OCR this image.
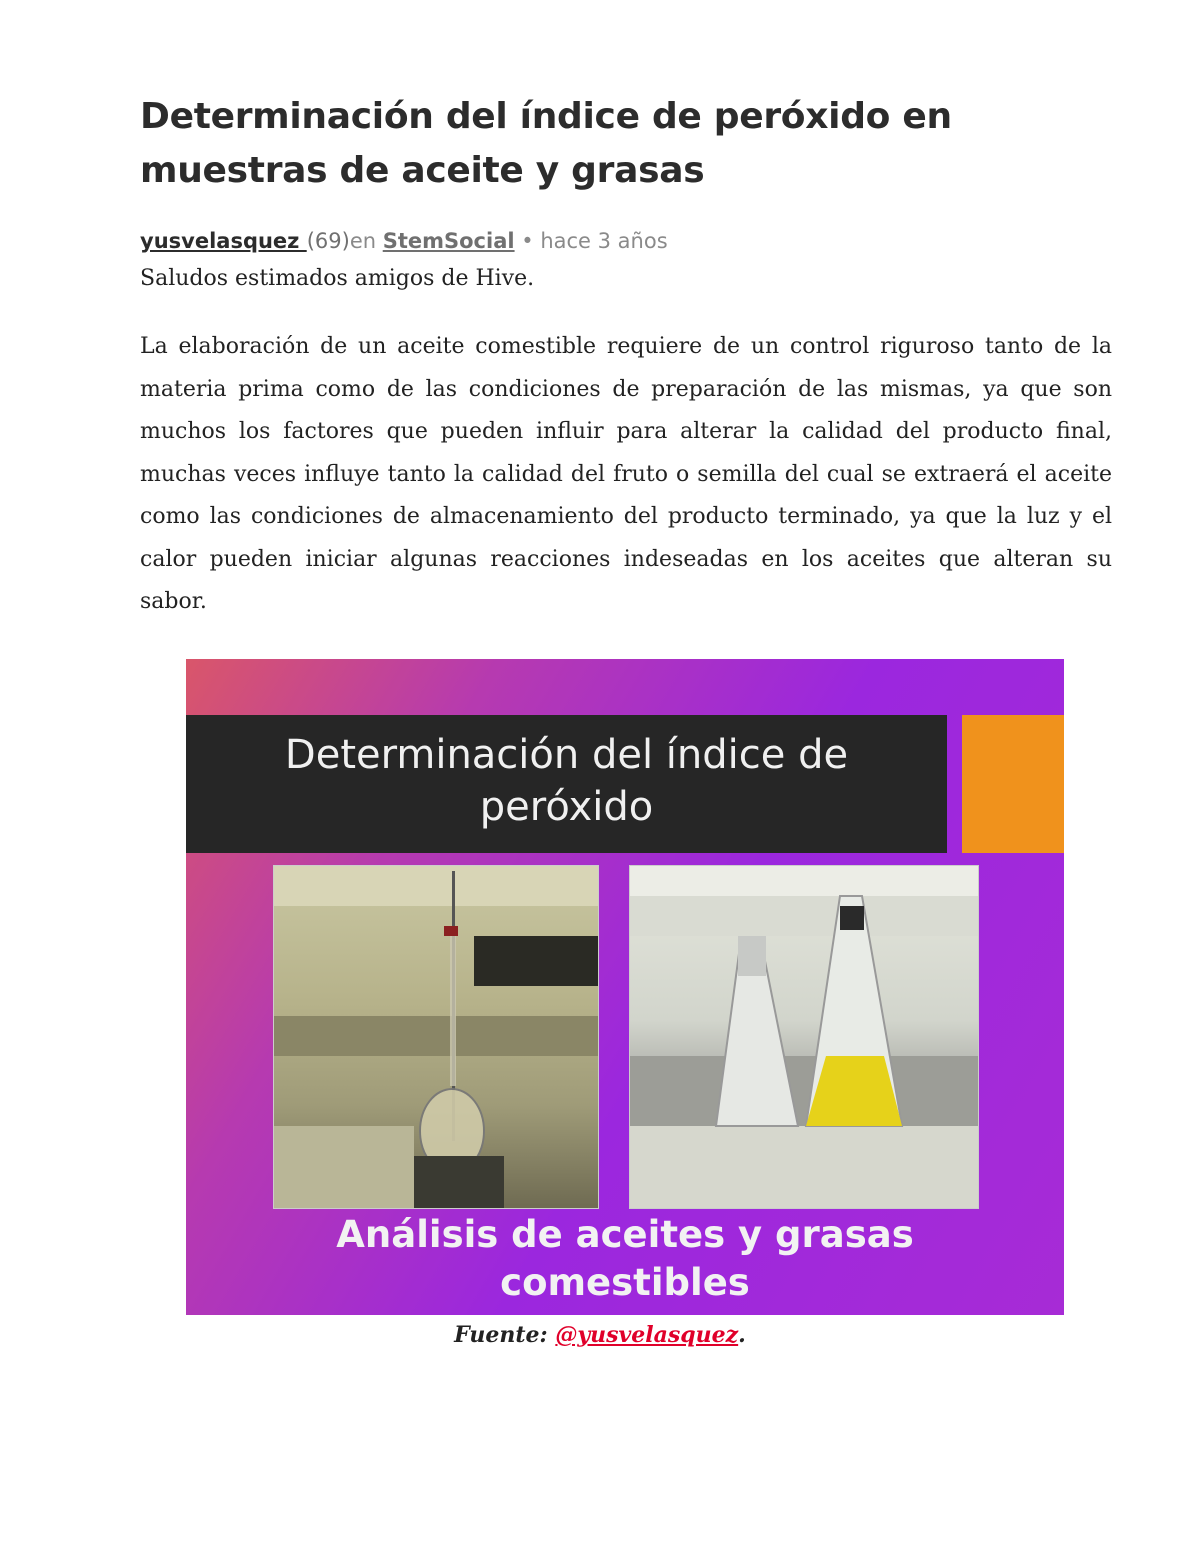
Determinación del índice de peróxido en muestras de aceite y grasas
yusvelasquez (69)en StemSocial • hace 3 años

Saludos estimados amigos de Hive.

La elaboración de un aceite comestible requiere de un control riguroso tanto de la materia prima como de las condiciones de preparación de las mismas, ya que son muchos los factores que pueden influir para alterar la calidad del producto final, muchas veces influye tanto la calidad del fruto o semilla del cual se extraerá el aceite como las condiciones de almacenamiento del producto terminado, ya que la luz y el calor pueden iniciar algunas reacciones indeseadas en los aceites que alteran su sabor.

Determinación del índice de
peróxido
Análisis de aceites y grasas
comestibles
Fuente: @yusvelasquez.
